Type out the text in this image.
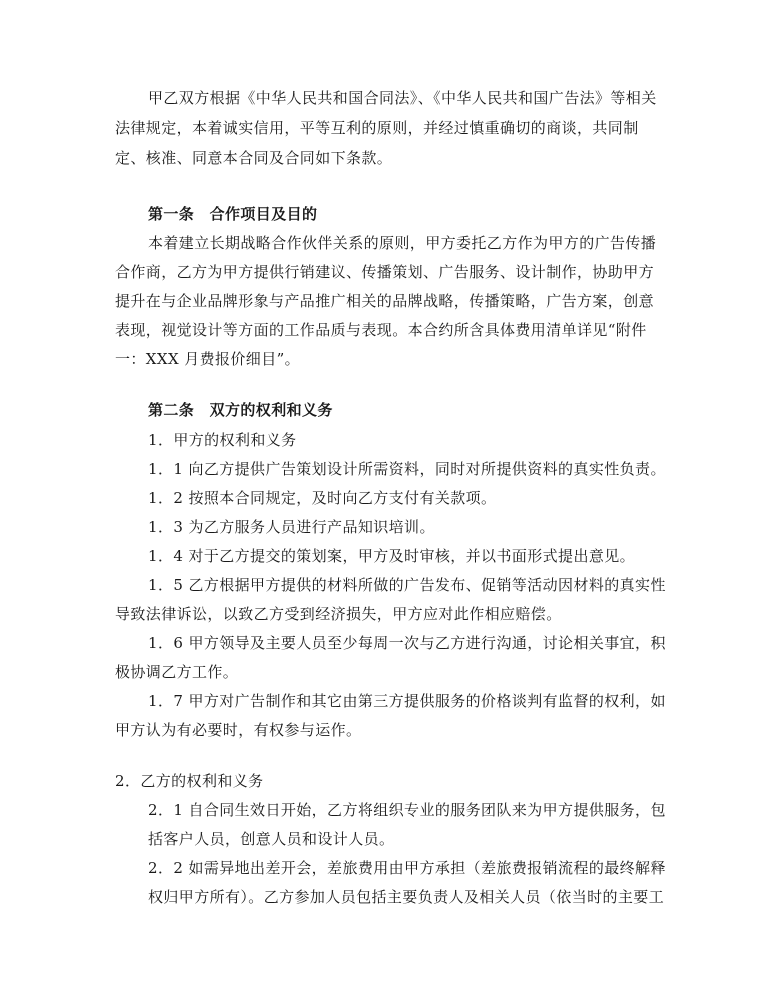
甲乙双方根据《中华人民共和国合同法》、《中华人民共和国广告法》等相关
法律规定，本着诚实信用，平等互利的原则，并经过慎重确切的商谈，共同制
定、核准、同意本合同及合同如下条款。
第一条　合作项目及目的
本着建立长期战略合作伙伴关系的原则，甲方委托乙方作为甲方的广告传播
合作商，乙方为甲方提供行销建议、传播策划、广告服务、设计制作，协助甲方
提升在与企业品牌形象与产品推广相关的品牌战略，传播策略，广告方案，创意
表现，视觉设计等方面的工作品质与表现。本合约所含具体费用清单详见“附件
一：XXX 月费报价细目”。
第二条　双方的权利和义务
1．甲方的权利和义务
1．1 向乙方提供广告策划设计所需资料，同时对所提供资料的真实性负责。
1．2 按照本合同规定，及时向乙方支付有关款项。
1．3 为乙方服务人员进行产品知识培训。
1．4 对于乙方提交的策划案，甲方及时审核，并以书面形式提出意见。
1．5 乙方根据甲方提供的材料所做的广告发布、促销等活动因材料的真实性
导致法律诉讼，以致乙方受到经济损失，甲方应对此作相应赔偿。
1．6 甲方领导及主要人员至少每周一次与乙方进行沟通，讨论相关事宜，积
极协调乙方工作。
1．7 甲方对广告制作和其它由第三方提供服务的价格谈判有监督的权利，如
甲方认为有必要时，有权参与运作。
2．乙方的权利和义务
2．1 自合同生效日开始，乙方将组织专业的服务团队来为甲方提供服务，包
括客户人员，创意人员和设计人员。
2．2 如需异地出差开会，差旅费用由甲方承担（差旅费报销流程的最终解释
权归甲方所有）。乙方参加人员包括主要负责人及相关人员（依当时的主要工
